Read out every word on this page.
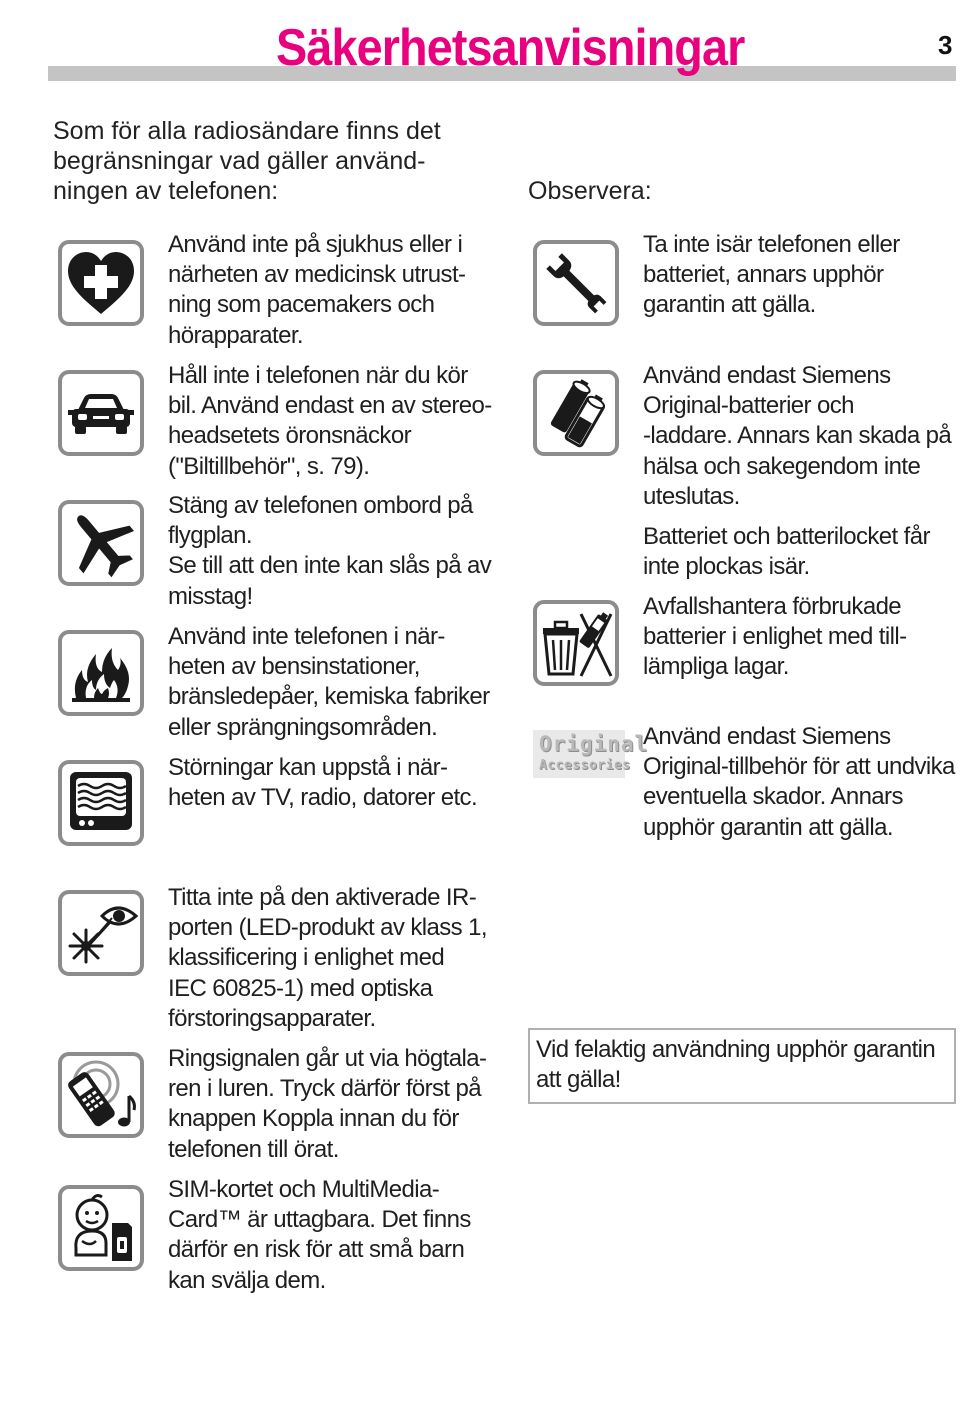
Säkerhetsanvisningar	3
Som för alla radiosändare finns det
begränsningar vad gäller använd-
ningen av telefonen:	Observera:
Använd inte på sjukhus eller i
närheten av medicinsk utrust-
ning som pacemakers och
hörapparater.
Håll inte i telefonen när du kör
bil. Använd endast en av stereo-
headsetets öronsnäckor
("Biltillbehör", s. 79).
Stäng av telefonen ombord på
flygplan.
Se till att den inte kan slås på av
misstag!
Använd inte telefonen i när-
heten av bensinstationer,
bränsledepåer, kemiska fabriker
eller sprängningsområden.
Störningar kan uppstå i när-
heten av TV, radio, datorer etc.
Titta inte på den aktiverade IR-
porten (LED-produkt av klass 1,
klassificering i enlighet med
IEC 60825-1) med optiska
förstoringsapparater.
Ringsignalen går ut via högtala-
ren i luren. Tryck därför först på
knappen Koppla innan du för
telefonen till örat.
SIM-kortet och MultiMedia-
Card™ är uttagbara. Det finns
därför en risk för att små barn
kan svälja dem.
Ta inte isär telefonen eller
batteriet, annars upphör
garantin att gälla.
Använd endast Siemens
Original-batterier och
-laddare. Annars kan skada på
hälsa och sakegendom inte
uteslutas.
Batteriet och batterilocket får
inte plockas isär.
Avfallshantera förbrukade
batterier i enlighet med till-
lämpliga lagar.
Original
Accessories
Använd endast Siemens
Original-tillbehör för att undvika
eventuella skador. Annars
upphör garantin att gälla.
Vid felaktig användning upphör garantin att gälla!
